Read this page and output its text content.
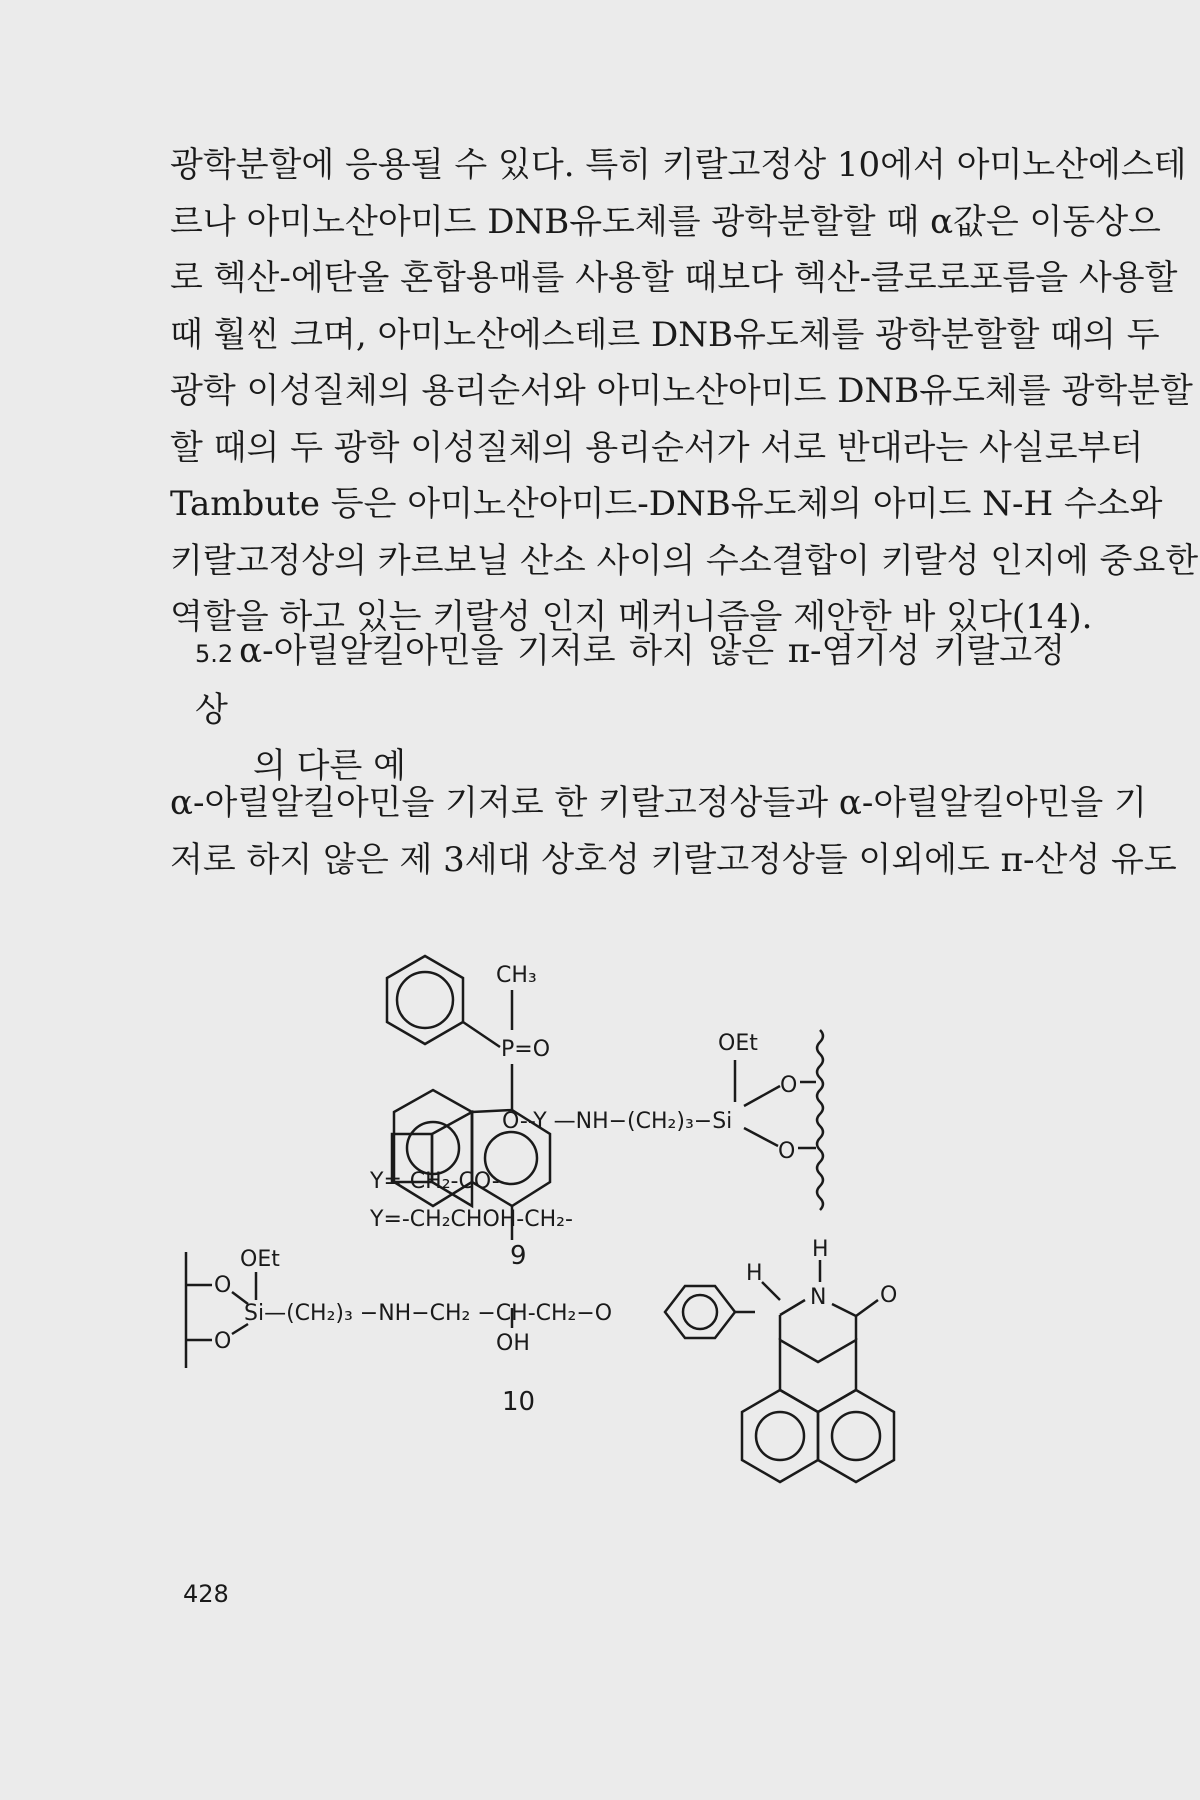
광학분할에 응용될 수 있다. 특히 키랄고정상 10에서 아미노산에스테
르나 아미노산아미드 DNB유도체를 광학분할할 때 α값은 이동상으
로 헥산-에탄올 혼합용매를 사용할 때보다 헥산-클로로포름을 사용할
때 훨씬 크며, 아미노산에스테르 DNB유도체를 광학분할할 때의 두
광학 이성질체의 용리순서와 아미노산아미드 DNB유도체를 광학분할
할 때의 두 광학 이성질체의 용리순서가 서로 반대라는 사실로부터
Tambute 등은 아미노산아미드-DNB유도체의 아미드 N-H 수소와
키랄고정상의 카르보닐 산소 사이의 수소결합이 키랄성 인지에 중요한
역할을 하고 있는 키랄성 인지 메커니즘을 제안한 바 있다(14).

5.2 α-아릴알킬아민을 기저로 하지 않은 π-염기성 키랄고정상
의 다른 예

α-아릴알킬아민을 기저로 한 키랄고정상들과 α-아릴알킬아민을 기
저로 하지 않은 제 3세대 상호성 키랄고정상들 이외에도 π-산성 유도

CH₃
P=O	OEt
O
O
O--Y —NH−(CH₂)₃−Si
Y=-CH₂-CO-
Y=-CH₂CHOH-CH₂-
9
OEt
O
O
Si—(CH₂)₃ −NH−CH₂ −CH-CH₂−O
OH
H
H
N O
10
428
